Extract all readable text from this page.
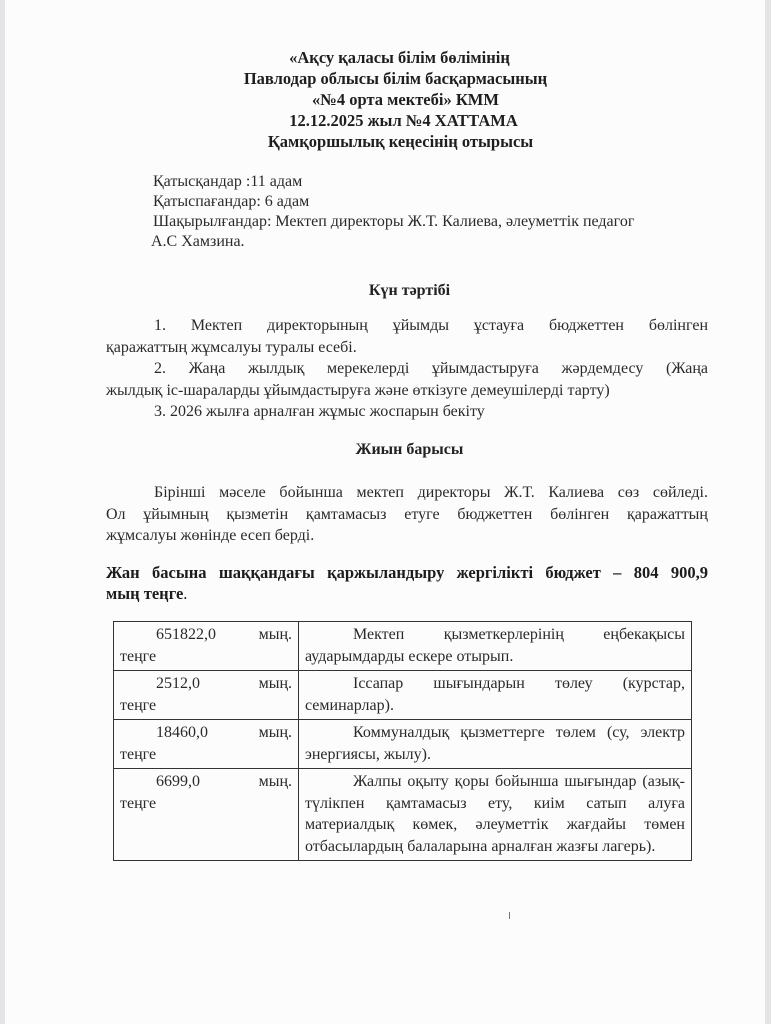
«Ақсу қаласы білім бөлімінің
Павлодар облысы білім басқармасының
«№4 орта мектебі» КММ
12.12.2025 жыл №4 ХАТТАМА
Қамқоршылық кеңесінің отырысы
Қатысқандар :11 адам
Қатыспағандар: 6 адам
Шақырылғандар: Мектеп директоры Ж.Т. Калиева, әлеуметтік педагог
А.С Хамзина.
Күн тәртібі

1. Мектеп директорының ұйымды ұстауға бюджеттен бөлінген

қаражаттың жұмсалуы туралы есебі.

2. Жаңа жылдық мерекелерді ұйымдастыруға жәрдемдесу (Жаңа

жылдық іс-шараларды ұйымдастыруға және өткізуге демеушілерді тарту)

3. 2026 жылға арналған жұмыс жоспарын бекіту

Жиын барысы

Бірінші мәселе бойынша мектеп директоры Ж.Т. Калиева сөз сөйледі.

Ол ұйымның қызметін қамтамасыз етуге бюджеттен бөлінген қаражаттың

жұмсалуы жөнінде есеп берді.

Жан басына шаққандағы қаржыландыру жергілікті бюджет – 804 900,9
мың теңге.
651822,0 мың.
теңге	Мектеп қызметкерлерінің еңбекақысы аударымдарды ескере отырып.

2512,0 мың.
теңге	Іссапар шығындарын төлеу (курстар, семинарлар).

18460,0 мың.
теңге	Коммуналдық қызметтерге төлем (су, электр энергиясы, жылу).

6699,0 мың.
теңге	Жалпы оқыту қоры бойынша шығындар (азық-түлікпен қамтамасыз ету, киім сатып алуға материалдық көмек, әлеуметтік жағдайы төмен отбасылардың балаларына арналған жазғы лагерь).
